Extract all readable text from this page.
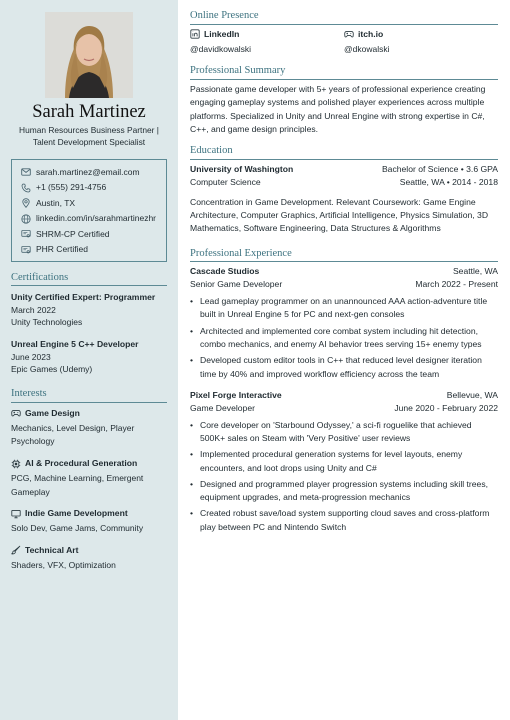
Sarah Martinez
Human Resources Business Partner |
Talent Development Specialist
sarah.martinez@email.com
+1 (555) 291-4756
Austin, TX
linkedin.com/in/sarahmartinezhr
SHRM-CP Certified
PHR Certified
Certifications
Unity Certified Expert: Programmer
March 2022
Unity Technologies
Unreal Engine 5 C++ Developer
June 2023
Epic Games (Udemy)
Interests
Game Design
Mechanics, Level Design, Player Psychology
AI & Procedural Generation
PCG, Machine Learning, Emergent Gameplay
Indie Game Development
Solo Dev, Game Jams, Community
Technical Art
Shaders, VFX, Optimization
Online Presence
LinkedIn
@davidkowalski
itch.io
@dkowalski
Professional Summary
Passionate game developer with 5+ years of professional experience creating engaging gameplay systems and polished player experiences across multiple platforms. Specialized in Unity and Unreal Engine with strong expertise in C#, C++, and game design principles.
Education
University of Washington	Bachelor of Science • 3.6 GPA
Computer Science	Seattle, WA • 2014 - 2018
Concentration in Game Development. Relevant Coursework: Game Engine Architecture, Computer Graphics, Artificial Intelligence, Physics Simulation, 3D Mathematics, Software Engineering, Data Structures & Algorithms
Professional Experience
Cascade Studios	Seattle, WA
Senior Game Developer	March 2022 - Present
• Lead gameplay programmer on an unannounced AAA action-adventure title built in Unreal Engine 5 for PC and next-gen consoles
• Architected and implemented core combat system including hit detection, combo mechanics, and enemy AI behavior trees serving 15+ enemy types
• Developed custom editor tools in C++ that reduced level designer iteration time by 40% and improved workflow efficiency across the team
Pixel Forge Interactive	Bellevue, WA
Game Developer	June 2020 - February 2022
• Core developer on 'Starbound Odyssey,' a sci-fi roguelike that achieved 500K+ sales on Steam with 'Very Positive' user reviews
• Implemented procedural generation systems for level layouts, enemy encounters, and loot drops using Unity and C#
• Designed and programmed player progression systems including skill trees, equipment upgrades, and meta-progression mechanics
• Created robust save/load system supporting cloud saves and cross-platform play between PC and Nintendo Switch
